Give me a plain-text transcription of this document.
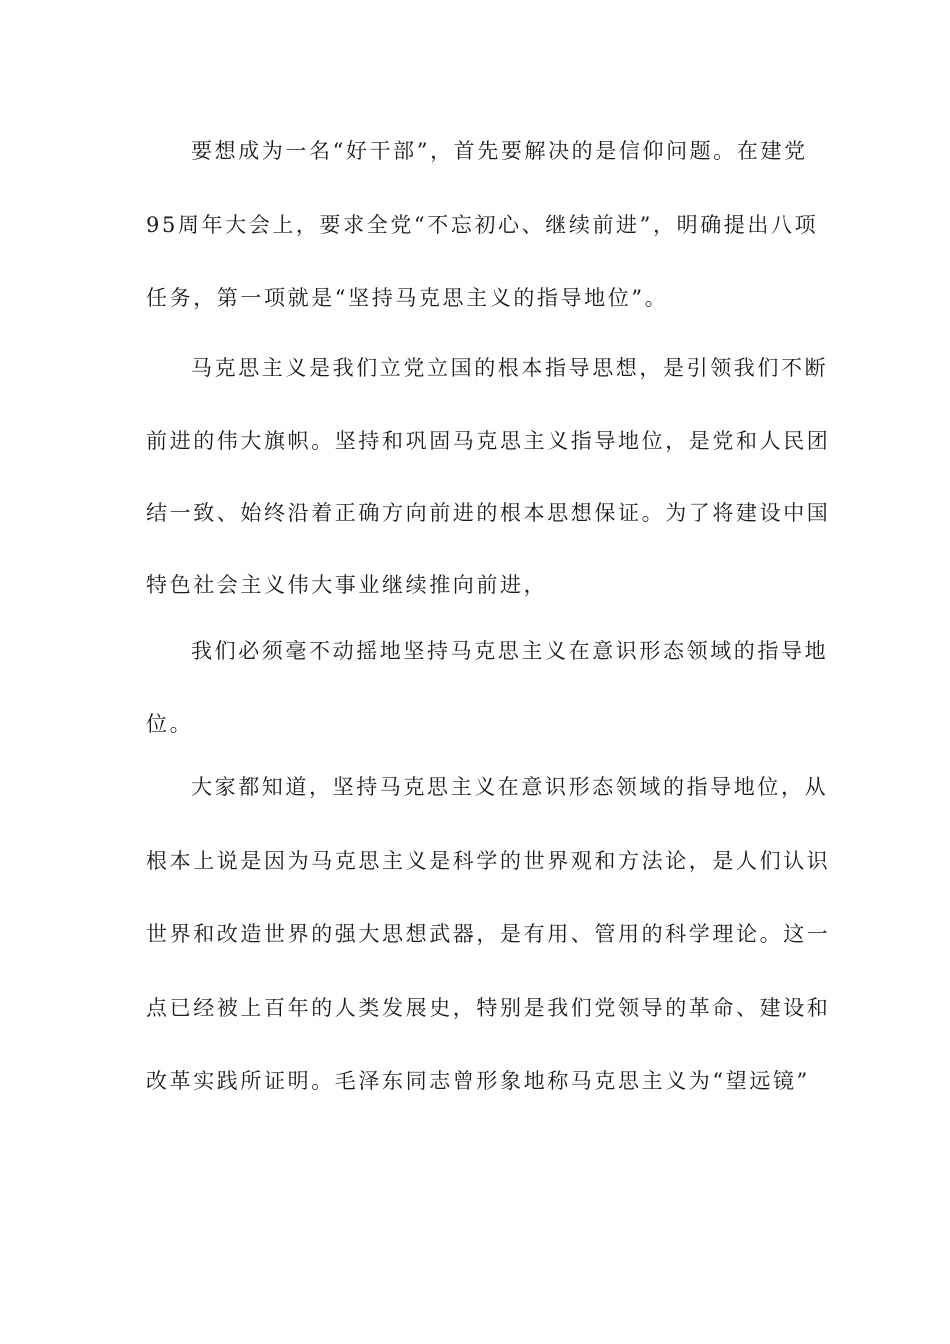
要想成为一名“好干部”，首先要解决的是信仰问题。在建党
95周年大会上，要求全党“不忘初心、继续前进”，明确提出八项
任务，第一项就是“坚持马克思主义的指导地位”。
马克思主义是我们立党立国的根本指导思想，是引领我们不断
前进的伟大旗帜。坚持和巩固马克思主义指导地位，是党和人民团
结一致、始终沿着正确方向前进的根本思想保证。为了将建设中国
特色社会主义伟大事业继续推向前进，
我们必须毫不动摇地坚持马克思主义在意识形态领域的指导地
位。
大家都知道，坚持马克思主义在意识形态领域的指导地位，从
根本上说是因为马克思主义是科学的世界观和方法论，是人们认识
世界和改造世界的强大思想武器，是有用、管用的科学理论。这一
点已经被上百年的人类发展史，特别是我们党领导的革命、建设和
改革实践所证明。毛泽东同志曾形象地称马克思主义为“望远镜”
